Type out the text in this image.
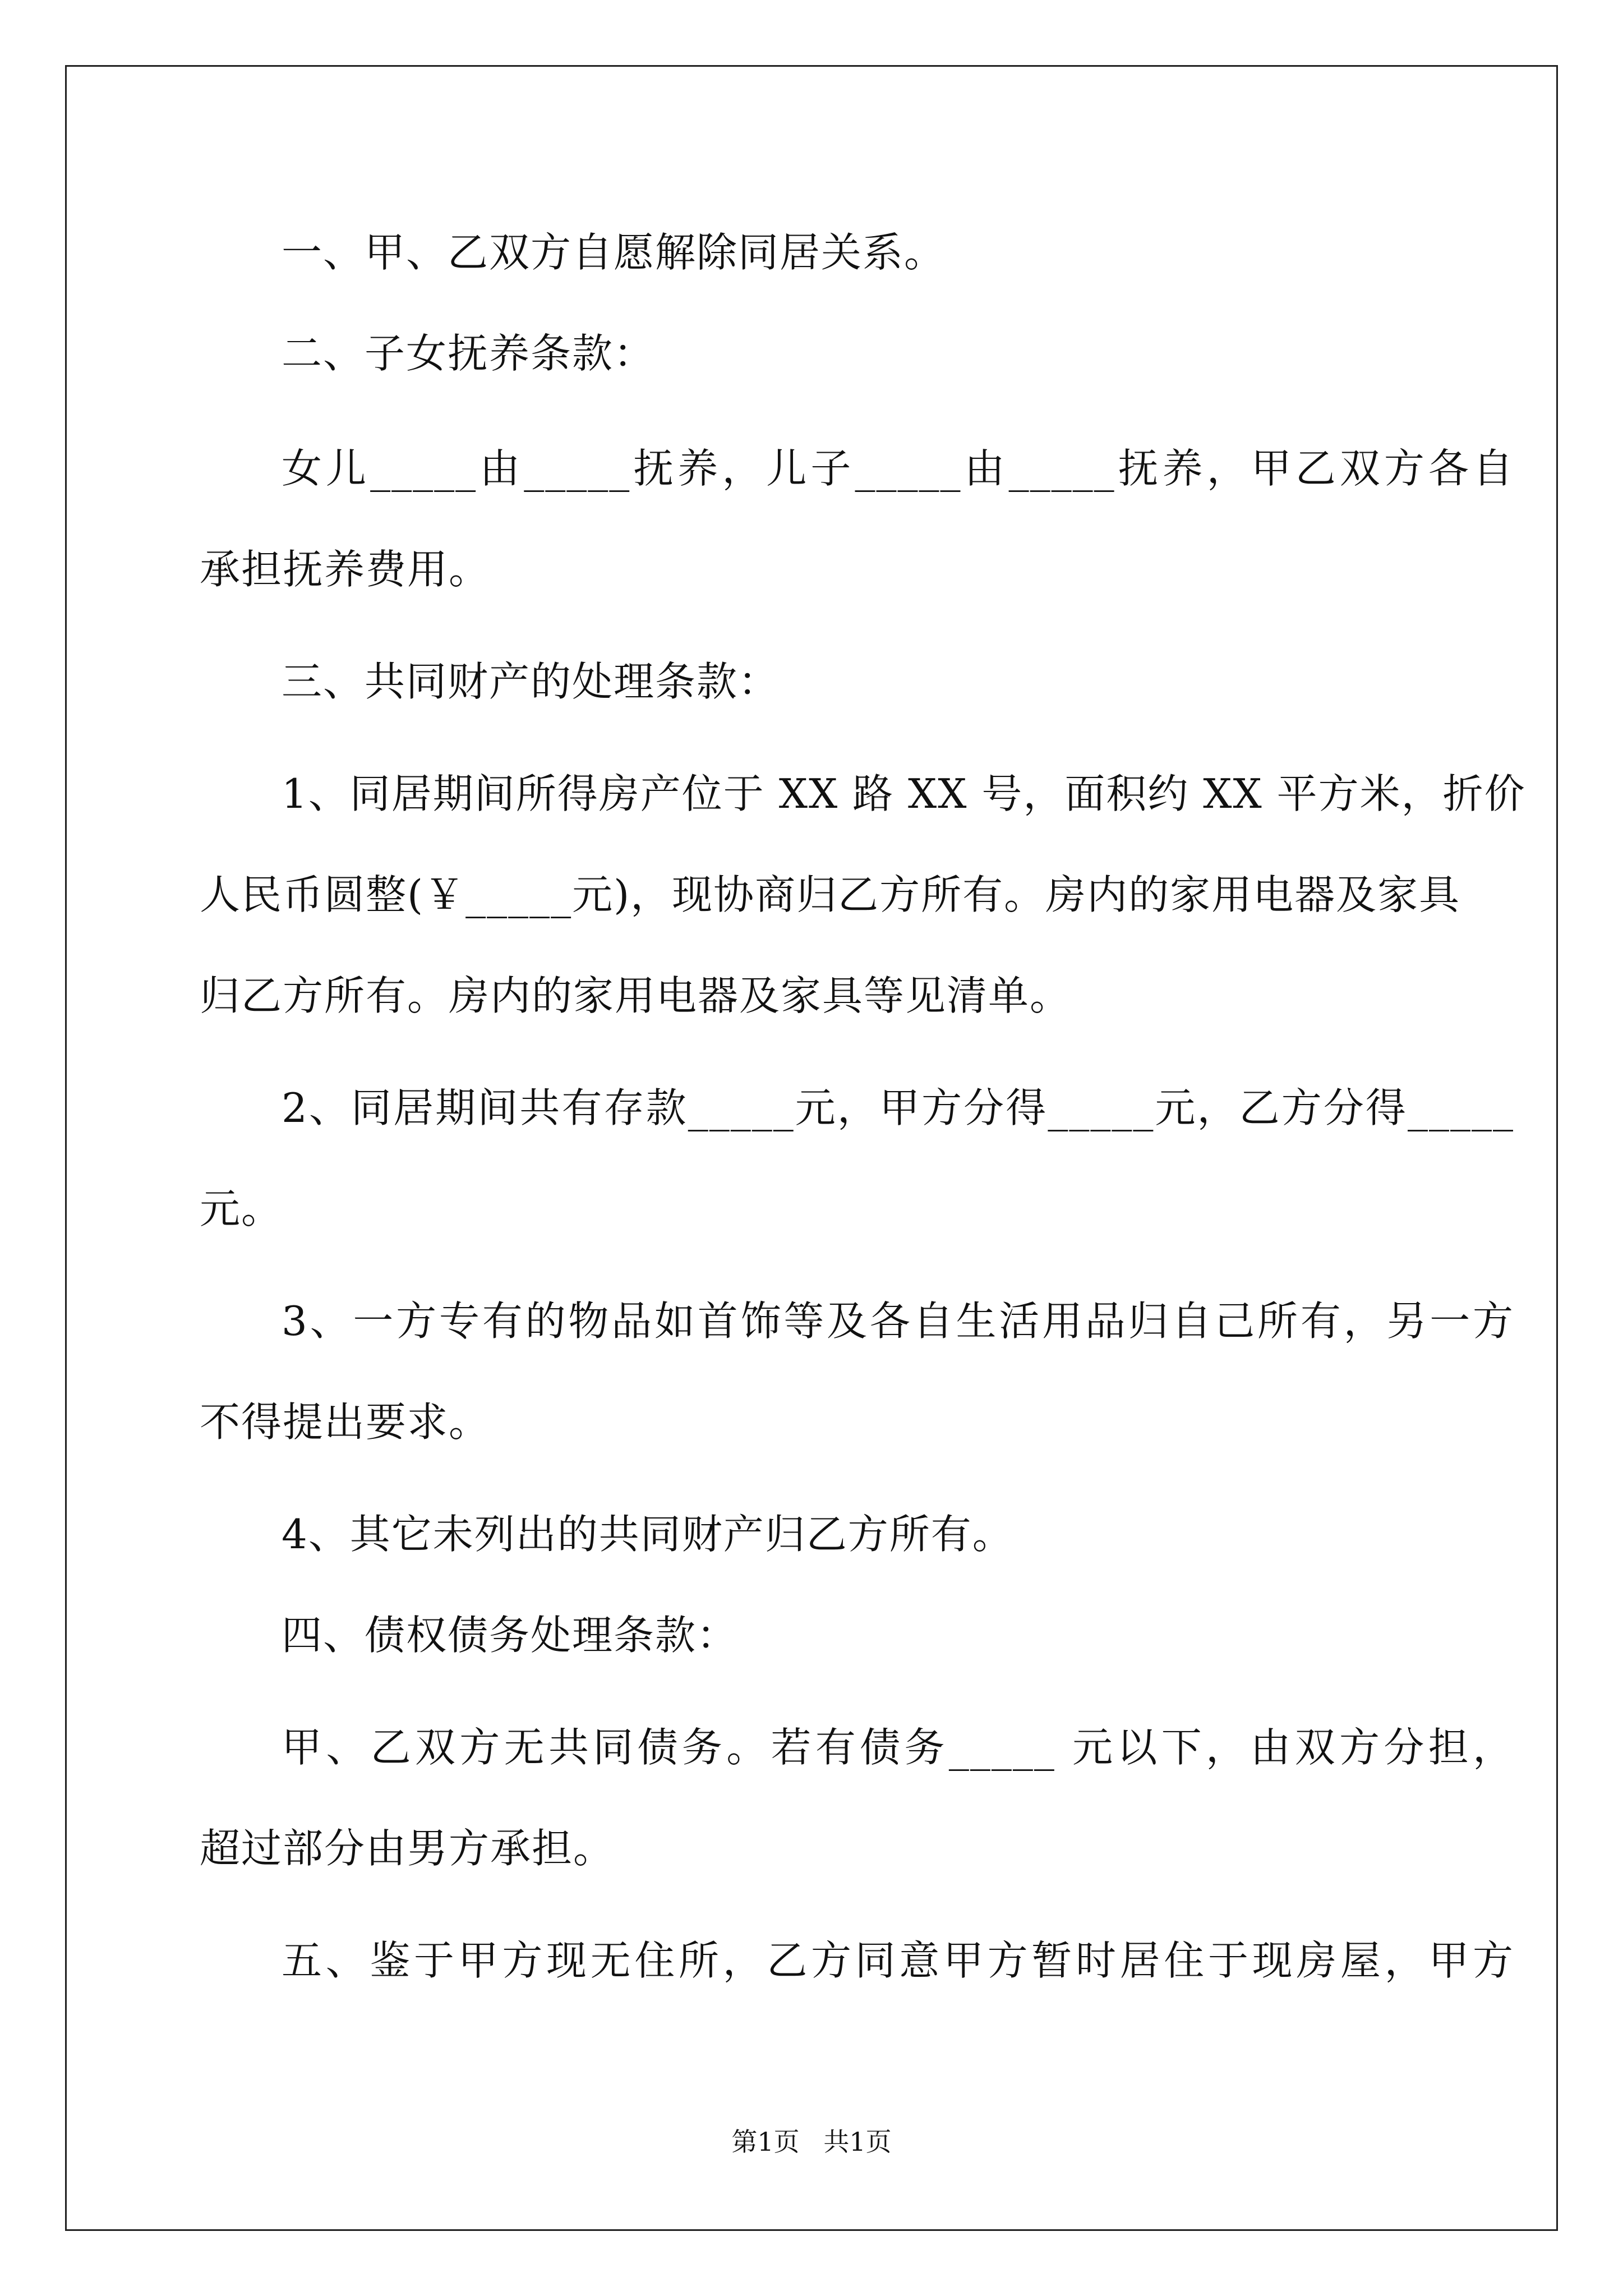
一、甲、乙双方自愿解除同居关系。
二、子女抚养条款：
女儿_____由_____抚养，儿子_____由_____抚养，甲乙双方各自
承担抚养费用。
三、共同财产的处理条款：
1、同居期间所得房产位于 XX 路 XX 号，面积约 XX 平方米，折价
人民币圆整(￥_____元)，现协商归乙方所有。房内的家用电器及家具
归乙方所有。房内的家用电器及家具等见清单。
2、同居期间共有存款_____元，甲方分得_____元，乙方分得_____
元。
3、一方专有的物品如首饰等及各自生活用品归自己所有，另一方
不得提出要求。
4、其它未列出的共同财产归乙方所有。
四、债权债务处理条款：
甲、乙双方无共同债务。若有债务_____ 元以下，由双方分担，
超过部分由男方承担。
五、鉴于甲方现无住所，乙方同意甲方暂时居住于现房屋，甲方
第1页 共1页
